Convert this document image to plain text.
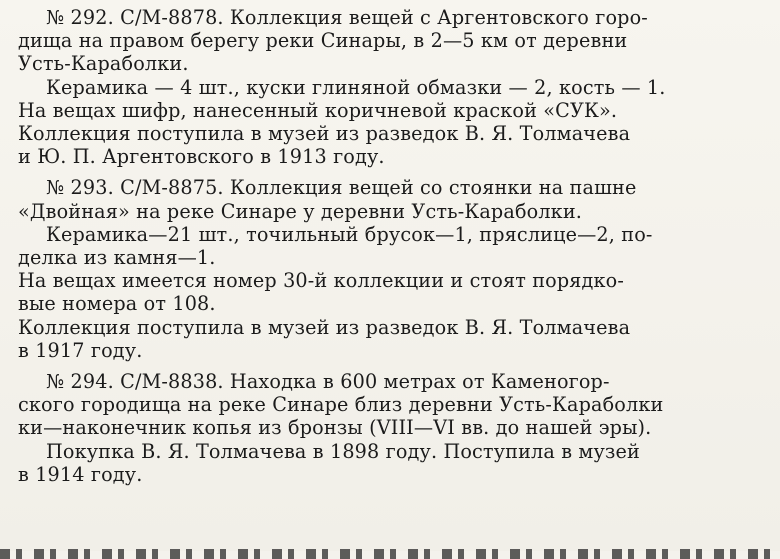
№ 292. С/М-8878. Коллекция вещей с Аргентовского горо-
дища на правом берегу реки Синары, в 2—5 км от деревни
Усть-Караболки.
Керамика — 4 шт., куски глиняной обмазки — 2, кость — 1.
На вещах шифр, нанесенный коричневой краской «СУК».
Коллекция поступила в музей из разведок В. Я. Толмачева
и Ю. П. Аргентовского в 1913 году.
№ 293. С/М-8875. Коллекция вещей со стоянки на пашне
«Двойная» на реке Синаре у деревни Усть-Караболки.
Керамика—21 шт., точильный брусок—1, пряслице—2, по-
делка из камня—1.
На вещах имеется номер 30-й коллекции и стоят порядко-
вые номера от 108.
Коллекция поступила в музей из разведок В. Я. Толмачева
в 1917 году.
№ 294. С/М-8838. Находка в 600 метрах от Каменогор-
ского городища на реке Синаре близ деревни Усть-Караболки
ки—наконечник копья из бронзы (VIII—VI вв. до нашей эры).
Покупка В. Я. Толмачева в 1898 году. Поступила в музей
в 1914 году.
